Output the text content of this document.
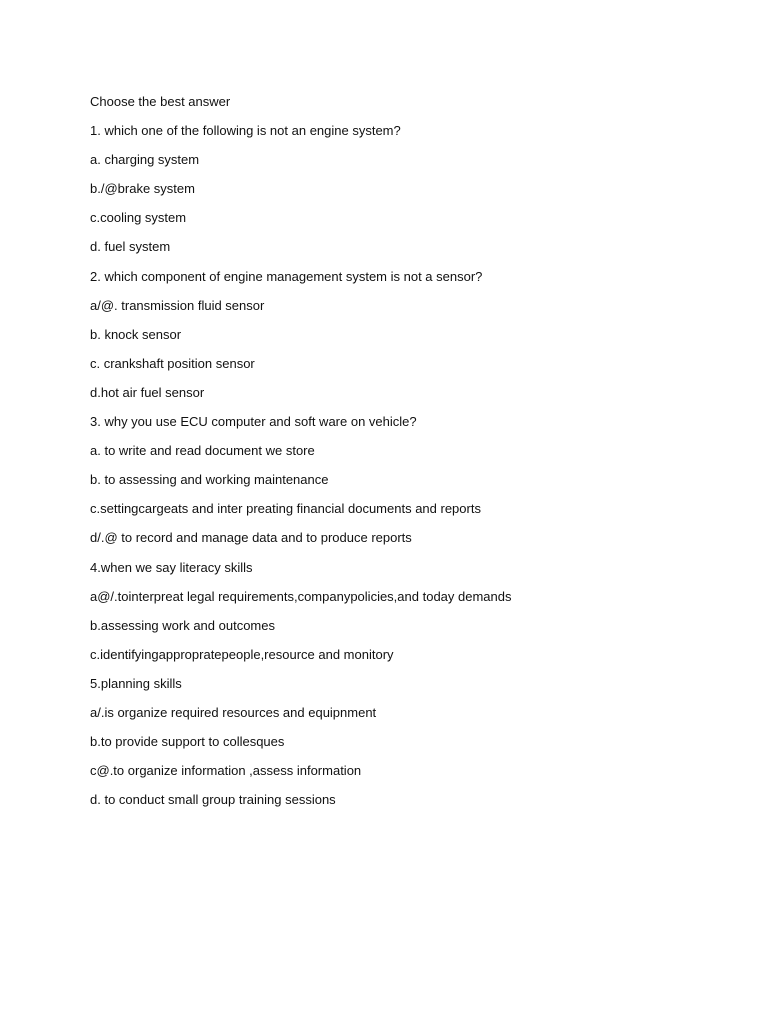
Choose the best answer
1. which one of the following is not an engine system?
a. charging system
b./@brake system
c.cooling system
d. fuel system
2. which component of engine management system is not a sensor?
a/@. transmission fluid sensor
b. knock sensor
c. crankshaft position sensor
d.hot air fuel sensor
3. why you use ECU computer and soft ware on vehicle?
a. to write and read document we store
b. to assessing and working maintenance
c.settingcargeats and inter preating financial documents and reports
d/.@ to record and manage data and to produce reports
4.when we say literacy skills
a@/.tointerpreat legal requirements,companypolicies,and today demands
b.assessing work and outcomes
c.identifyingappropratepeople,resource and monitory
5.planning skills
a/.is organize required resources and equipnment
b.to provide support to collesques
c@.to organize information ,assess information
d. to conduct small group training sessions
